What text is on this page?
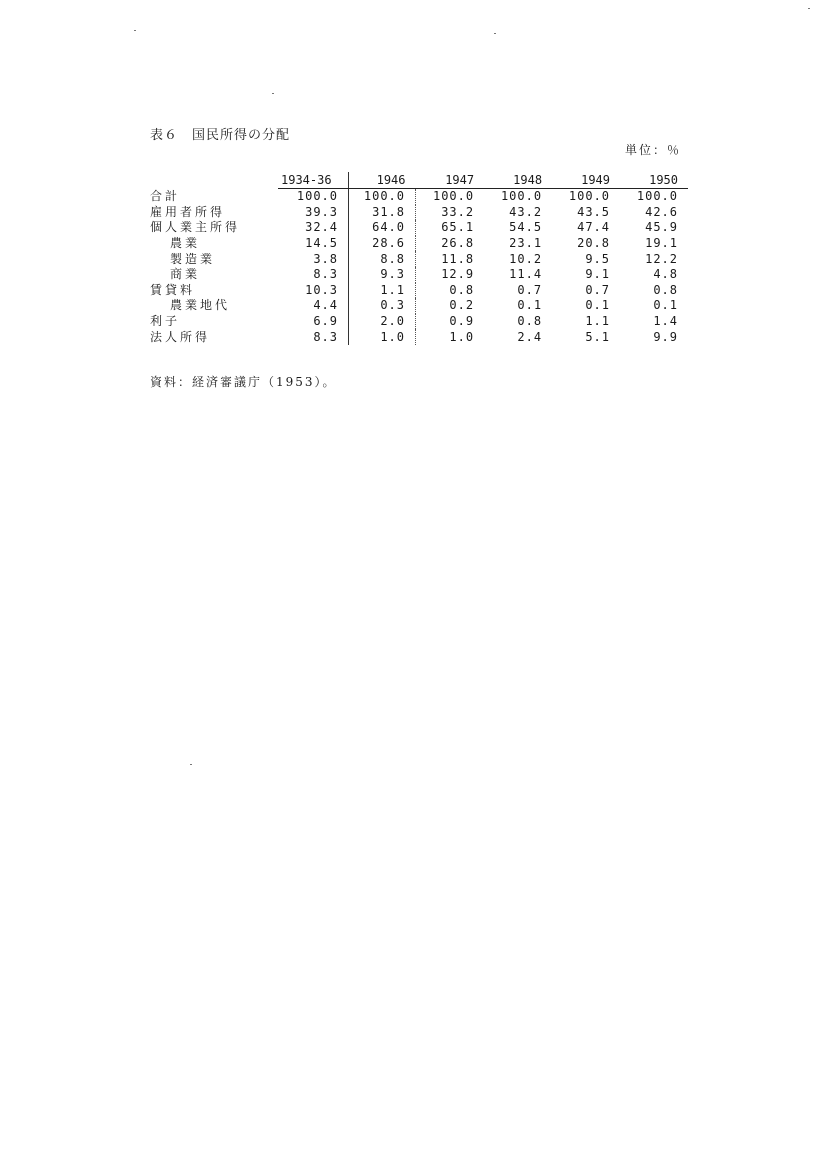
表６　国民所得の分配
単位：％
	1934-36	1946	1947	1948	1949	1950
合計	100.0	100.0	100.0	100.0	100.0	100.0
雇用者所得	39.3	31.8	33.2	43.2	43.5	42.6
個人業主所得	32.4	64.0	65.1	54.5	47.4	45.9
農業	14.5	28.6	26.8	23.1	20.8	19.1
製造業	3.8	8.8	11.8	10.2	9.5	12.2
商業	8.3	9.3	12.9	11.4	9.1	4.8
賃貸料	10.3	1.1	0.8	0.7	0.7	0.8
農業地代	4.4	0.3	0.2	0.1	0.1	0.1
利子	6.9	2.0	0.9	0.8	1.1	1.4
法人所得	8.3	1.0	1.0	2.4	5.1	9.9
資料：経済審議庁（1953）。
